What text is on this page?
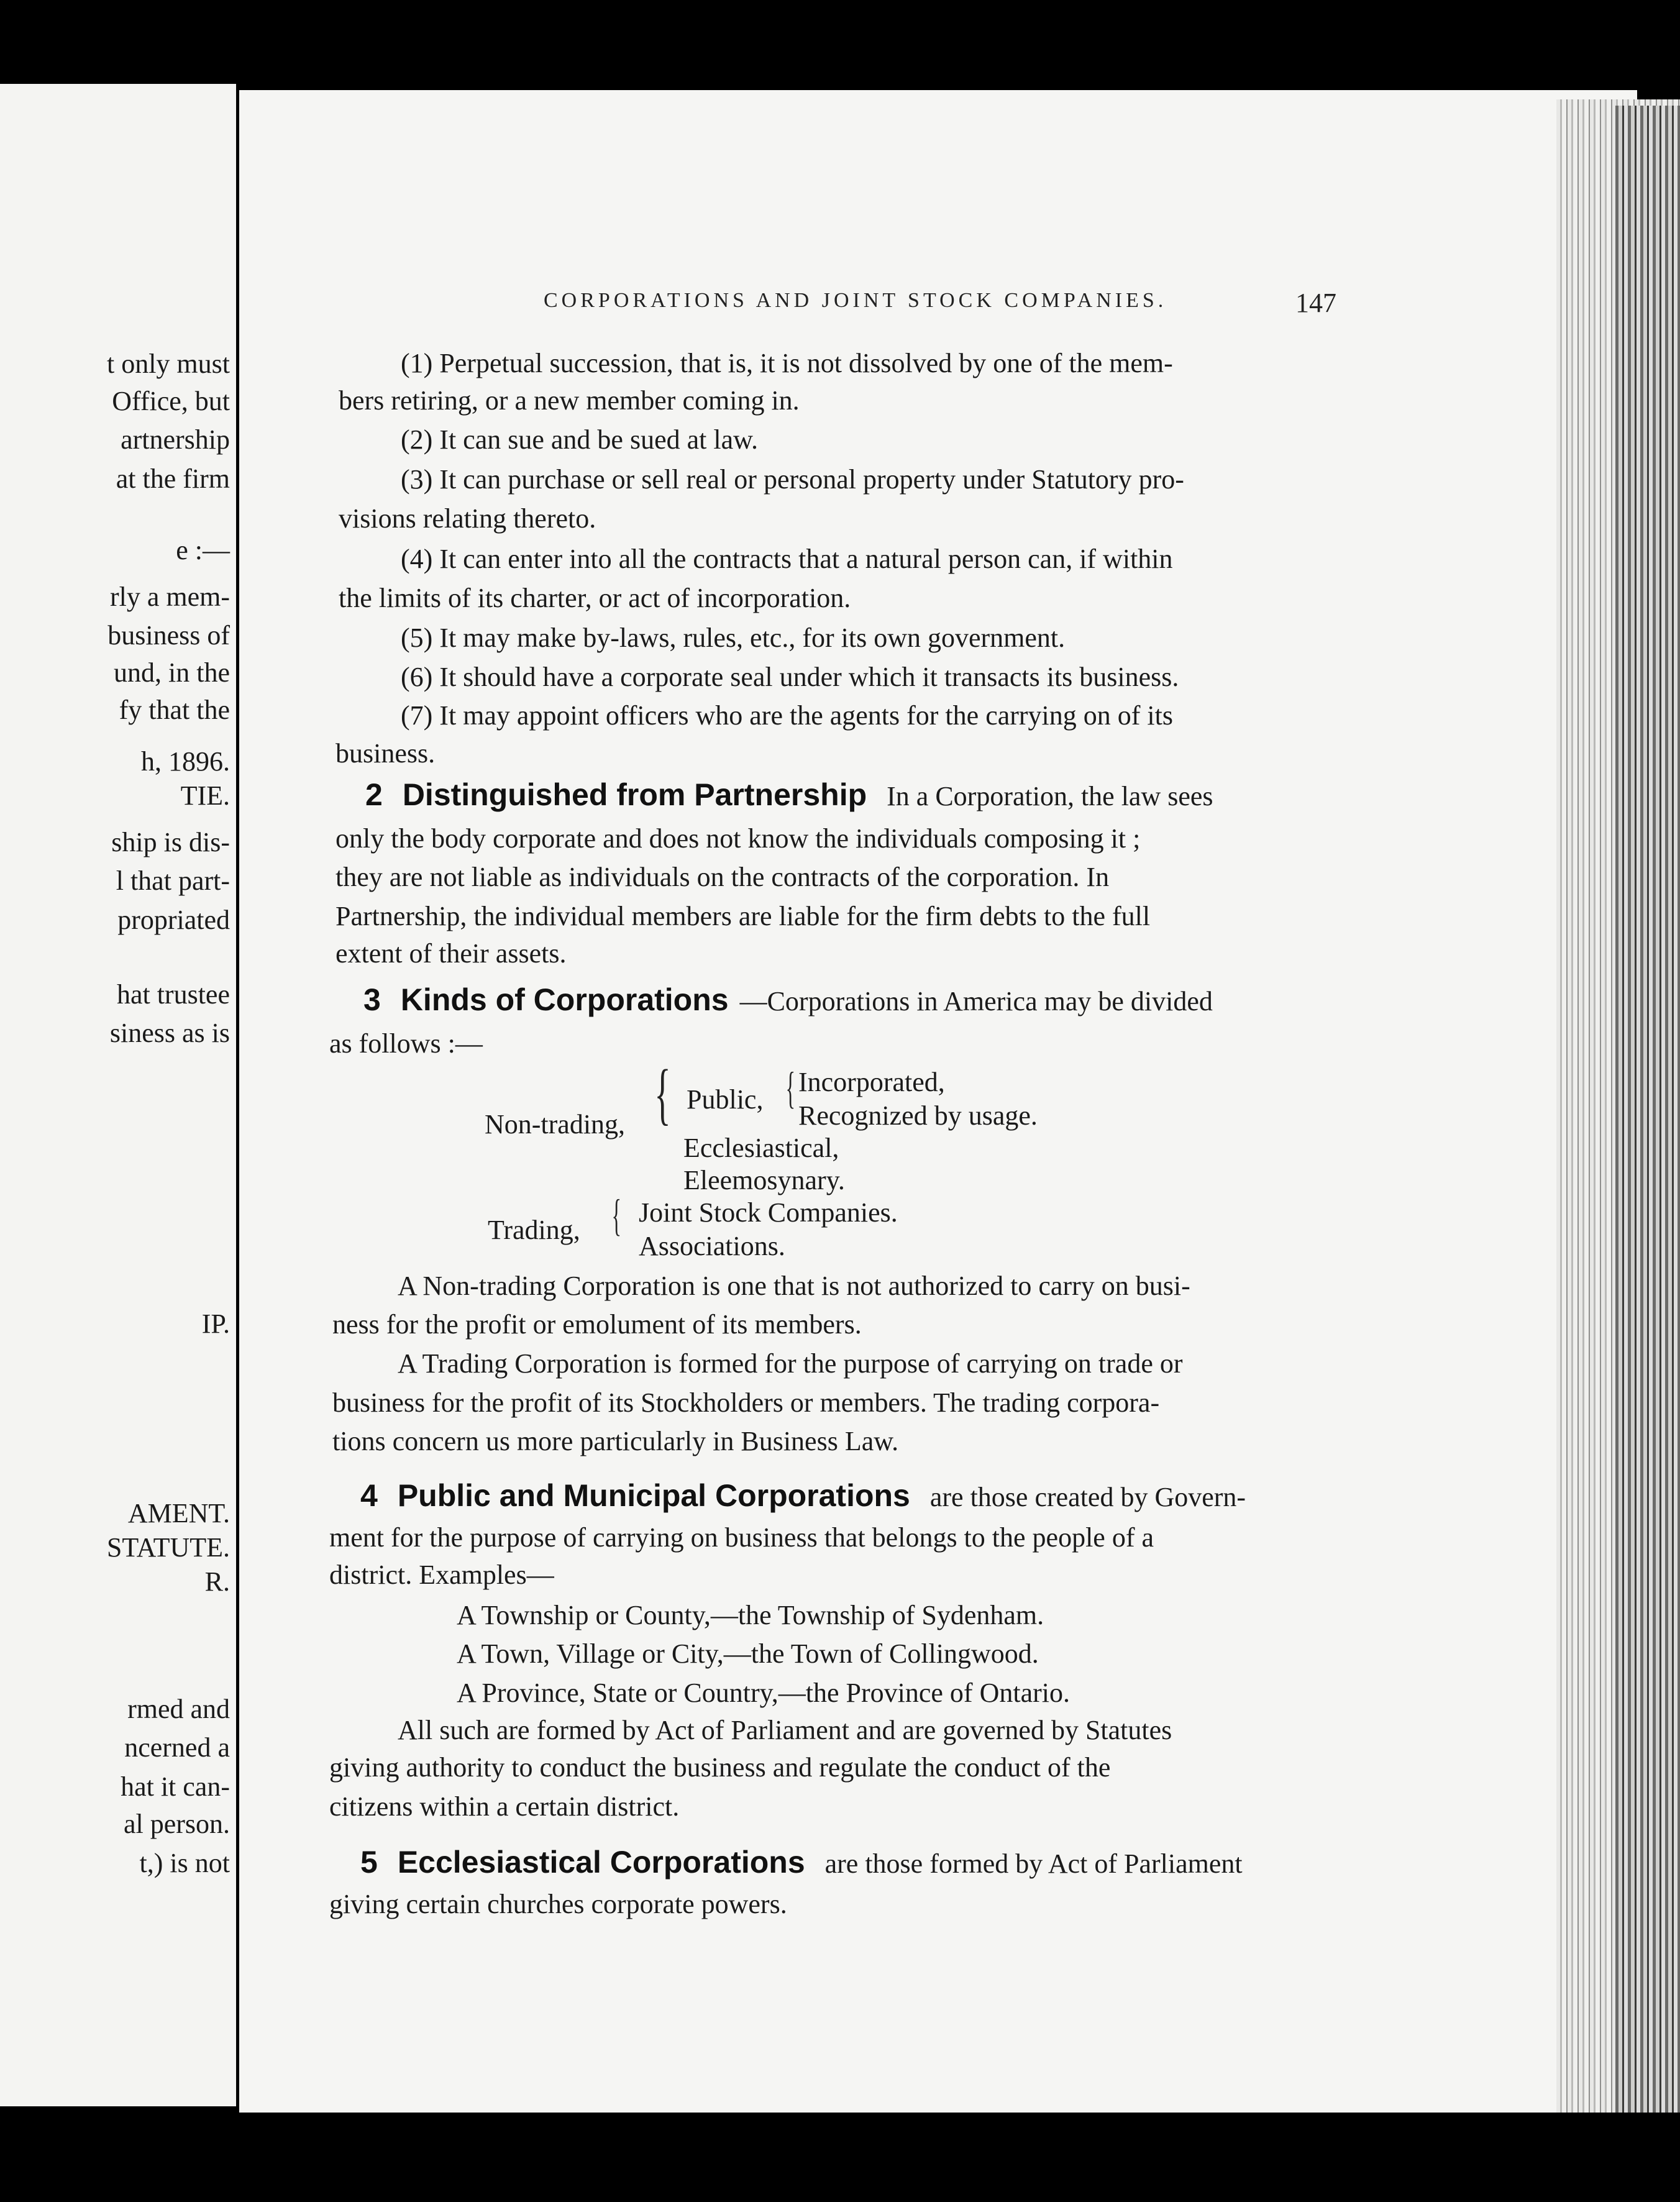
t only must
Office, but
artnership
at the firm
e :—
rly a mem-
business of
und, in the
fy that the
h, 1896.
TIE.
ship is dis-
l that part-
propriated
hat trustee
siness as is
IP.
AMENT.
STATUTE.
R.
rmed and
ncerned a
hat it can-
al person.
t,) is not
CORPORATIONS AND JOINT STOCK COMPANIES.	147
(1) Perpetual succession, that is, it is not dissolved by one of the mem-
bers retiring, or a new member coming in.
(2) It can sue and be sued at law.
(3) It can purchase or sell real or personal property under Statutory pro-
visions relating thereto.
(4) It can enter into all the contracts that a natural person can, if within
the limits of its charter, or act of incorporation.
(5) It may make by-laws, rules, etc., for its own government.
(6) It should have a corporate seal under which it transacts its business.
(7) It may appoint officers who are the agents for the carrying on of its
business.
2 Distinguished from Partnership In a Corporation, the law sees
only the body corporate and does not know the individuals composing it ;
they are not liable as individuals on the contracts of the corporation. In
Partnership, the individual members are liable for the firm debts to the full
extent of their assets.
3 Kinds of Corporations —Corporations in America may be divided
as follows :—
Non-trading, { Public, { Incorporated,
Recognized by usage.
Ecclesiastical,
Eleemosynary.
Trading, { Joint Stock Companies.
Associations.
A Non-trading Corporation is one that is not authorized to carry on busi-
ness for the profit or emolument of its members.
A Trading Corporation is formed for the purpose of carrying on trade or
business for the profit of its Stockholders or members. The trading corpora-
tions concern us more particularly in Business Law.
4 Public and Municipal Corporations are those created by Govern-
ment for the purpose of carrying on business that belongs to the people of a
district. Examples—
A Township or County,—the Township of Sydenham.
A Town, Village or City,—the Town of Collingwood.
A Province, State or Country,—the Province of Ontario.
All such are formed by Act of Parliament and are governed by Statutes
giving authority to conduct the business and regulate the conduct of the
citizens within a certain district.
5 Ecclesiastical Corporations are those formed by Act of Parliament
giving certain churches corporate powers.
